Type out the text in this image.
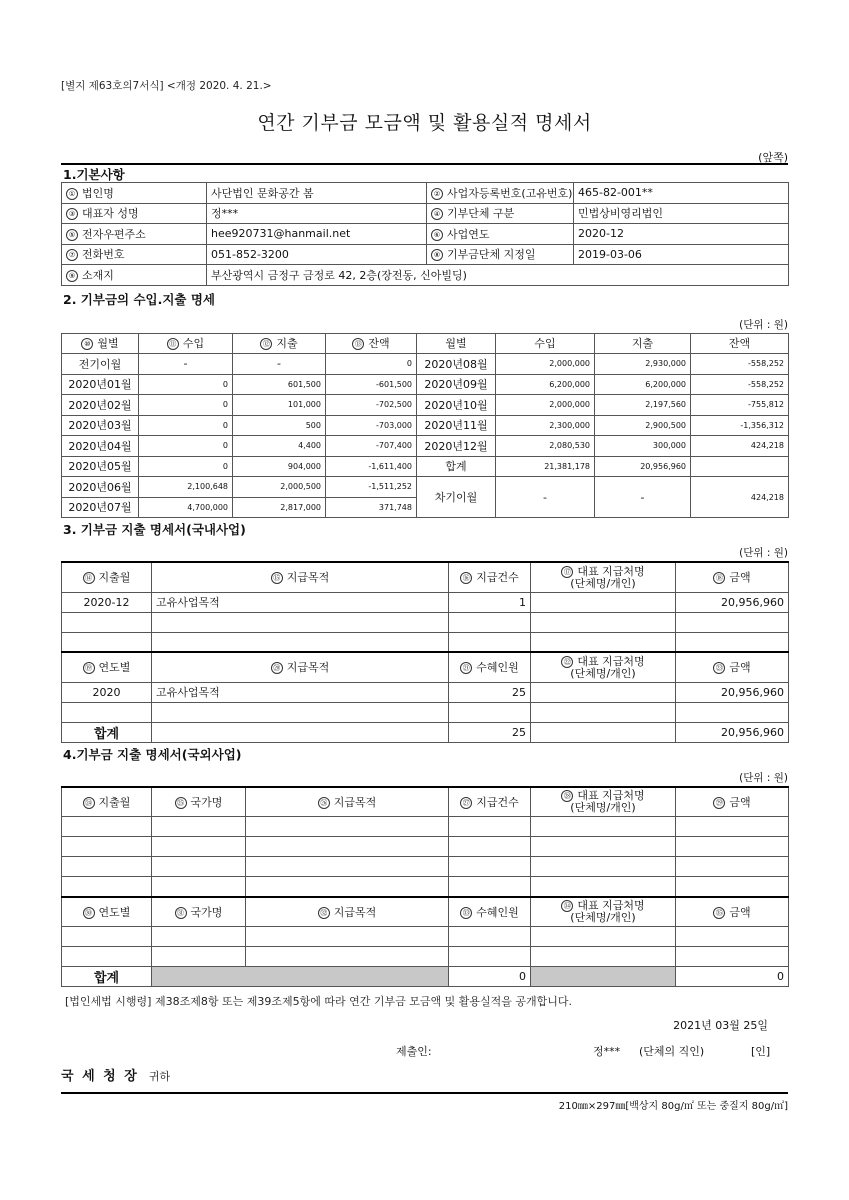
[별지 제63호의7서식] <개정 2020. 4. 21.>
연간 기부금 모금액 및 활용실적 명세서
(앞쪽)
1.기본사항
① 법인명	사단법인 문화공간 봄	② 사업자등록번호(고유번호)	465-82-001**
③ 대표자 성명	정***	④ 기부단체 구분	민법상비영리법인
⑤ 전자우편주소	hee920731@hanmail.net	⑥ 사업연도	2020-12
⑦ 전화번호	051-852-3200	⑧ 기부금단체 지정일	2019-03-06
⑨ 소재지	부산광역시 금정구 금정로 42, 2층(장전동, 신아빌딩)		
2. 기부금의 수입.지출 명세
(단위 : 원)
⑩ 월별	⑪ 수입	⑫ 지출	⑬ 잔액	월별	수입	지출	잔액
전기이월	-	-	0	2020년08월	2,000,000	2,930,000	-558,252
2020년01월	0	601,500	-601,500	2020년09월	6,200,000	6,200,000	-558,252
2020년02월	0	101,000	-702,500	2020년10월	2,000,000	2,197,560	-755,812
2020년03월	0	500	-703,000	2020년11월	2,300,000	2,900,500	-1,356,312
2020년04월	0	4,400	-707,400	2020년12월	2,080,530	300,000	424,218
2020년05월	0	904,000	-1,611,400	합계	21,381,178	20,956,960	
2020년06월	2,100,648	2,000,500	-1,511,252	차기이월	-	-	424,218
2020년07월	4,700,000	2,817,000	371,748				
3. 기부금 지출 명세서(국내사업)
(단위 : 원)
⑭ 지출월	⑮ 지급목적	⑯ 지급건수	⑰ 대표 지급처명
(단체명/개인)	⑱ 금액
2020-12	고유사업목적	1		20,956,960

⑲ 연도별	⑳ 지급목적	㉑ 수혜인원	㉒ 대표 지급처명
(단체명/개인)	㉓ 금액
2020	고유사업목적	25		20,956,960

합계		25		20,956,960
4.기부금 지출 명세서(국외사업)
(단위 : 원)
㉔ 지출월	㉕ 국가명	㉖ 지급목적	㉗ 지급건수	㉘ 대표 지급처명
(단체명/개인)	㉙ 금액

㉚ 연도별	㉛ 국가명	㉜ 지급목적	㉝ 수혜인원	㉞ 대표 지급처명
(단체명/개인)	㉟ 금액

합계			0		0
[법인세법 시행령] 제38조제8항 또는 제39조제5항에 따라 연간 기부금 모금액 및 활용실적을 공개합니다.
2021년 03월 25일
제출인:	정*** (단체의 직인)	[인]
국 세 청 장 귀하
210㎜×297㎜[백상지 80g/㎡ 또는 중질지 80g/㎡]
